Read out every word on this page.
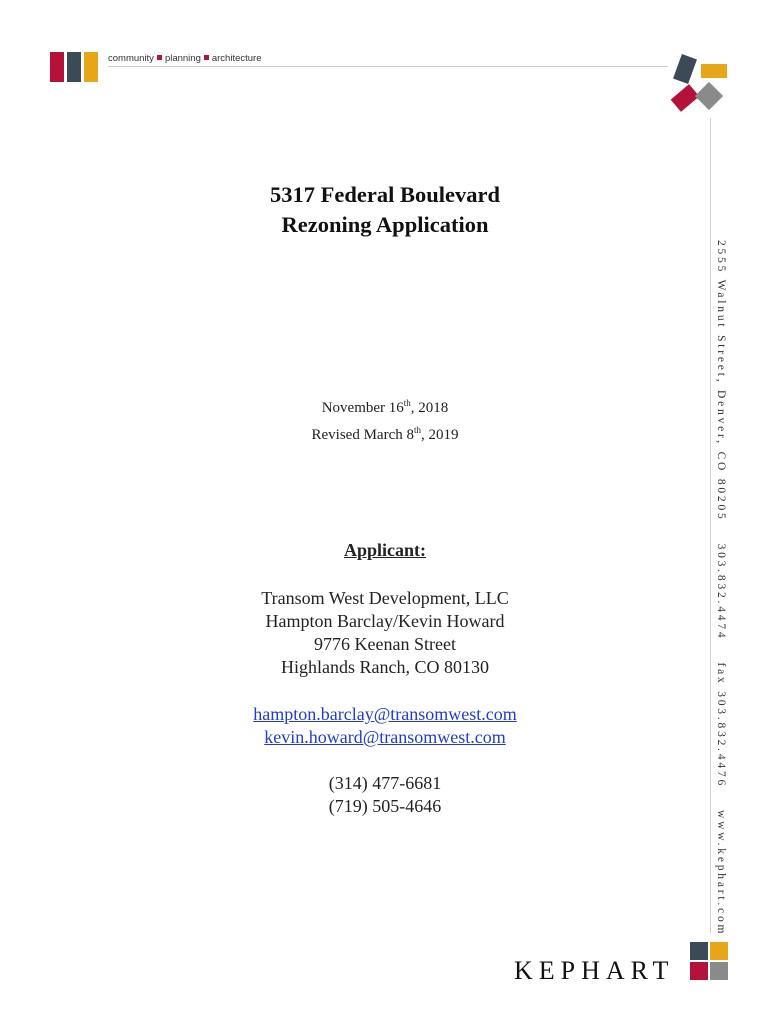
community planning architecture
2555 Walnut Street, Denver, CO 80205303.832.4474fax 303.832.4476www.kephart.com
5317 Federal Boulevard
Rezoning Application
November 16th, 2018
Revised March 8th, 2019
Applicant:
Transom West Development, LLC
Hampton Barclay/Kevin Howard
9776 Keenan Street
Highlands Ranch, CO 80130
hampton.barclay@transomwest.com
kevin.howard@transomwest.com
(314) 477-6681
(719) 505-4646
KEPHART
